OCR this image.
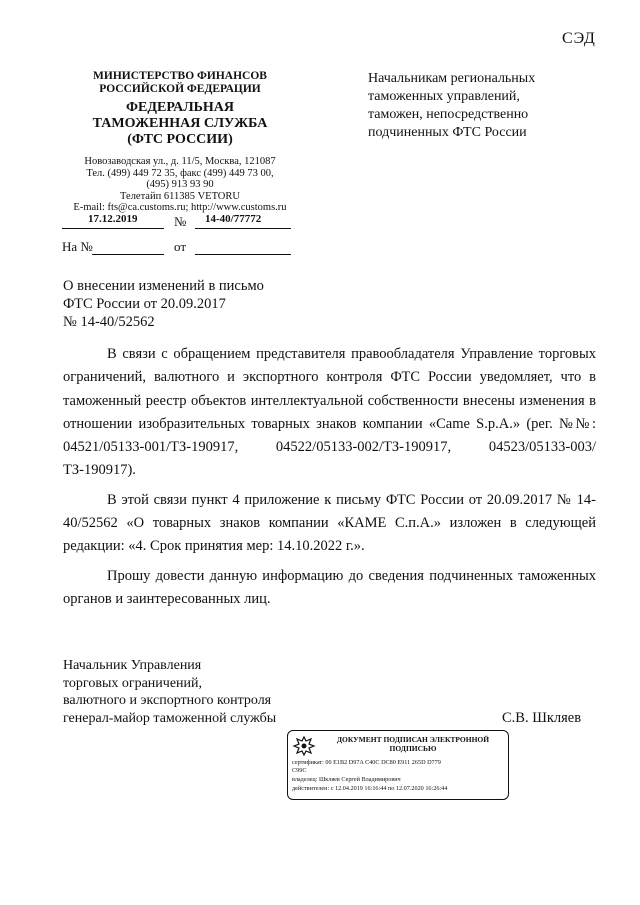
СЭД
МИНИСТЕРСТВО ФИНАНСОВ
РОССИЙСКОЙ ФЕДЕРАЦИИ
ФЕДЕРАЛЬНАЯ
ТАМОЖЕННАЯ СЛУЖБА
(ФТС РОССИИ)
Новозаводская ул., д. 11/5, Москва, 121087
Тел. (499) 449 72 35, факс (499) 449 73 00,
(495) 913 93 90
Телетайп 611385 VETORU
E-mail: fts@ca.customs.ru; http://www.customs.ru
17.12.2019	№ 14-40/77772
На №	от
Начальникам региональных
таможенных управлений,
таможен, непосредственно
подчиненных ФТС России
О внесении изменений в письмо
ФТС России от 20.09.2017
№ 14-40/52562

В связи с обращением представителя правообладателя Управление торговых ограничений, валютного и экспортного контроля ФТС России уведомляет, что в таможенный реестр объектов интеллектуальной собственности внесены изменения в отношении изобразительных товарных знаков компании «Came S.p.A.» (рег. №№: 04521/05133-001/ТЗ-190917, 04522/05133-002/ТЗ-190917, 04523/05133-003/ТЗ-190917).

В этой связи пункт 4 приложение к письму ФТС России от 20.09.2017 № 14-40/52562 «О товарных знаков компании «КАМЕ С.п.А.» изложен в следующей редакции: «4. Срок принятия мер: 14.10.2022 г.».

Прошу довести данную информацию до сведения подчиненных таможенных органов и заинтересованных лиц.

Начальник Управления
торговых ограничений,
валютного и экспортного контроля
генерал-майор таможенной службы	С.В. Шкляев
ДОКУМЕНТ ПОДПИСАН ЭЛЕКТРОННОЙ
ПОДПИСЬЮ
сертификат: 00 E1B2 D97A C40C DC80 E911 265D D779
C99C
владелец: Шкляев Сергей Владимирович
действителен: с 12.04.2019 16:16:44 по 12.07.2020 16:26:44
